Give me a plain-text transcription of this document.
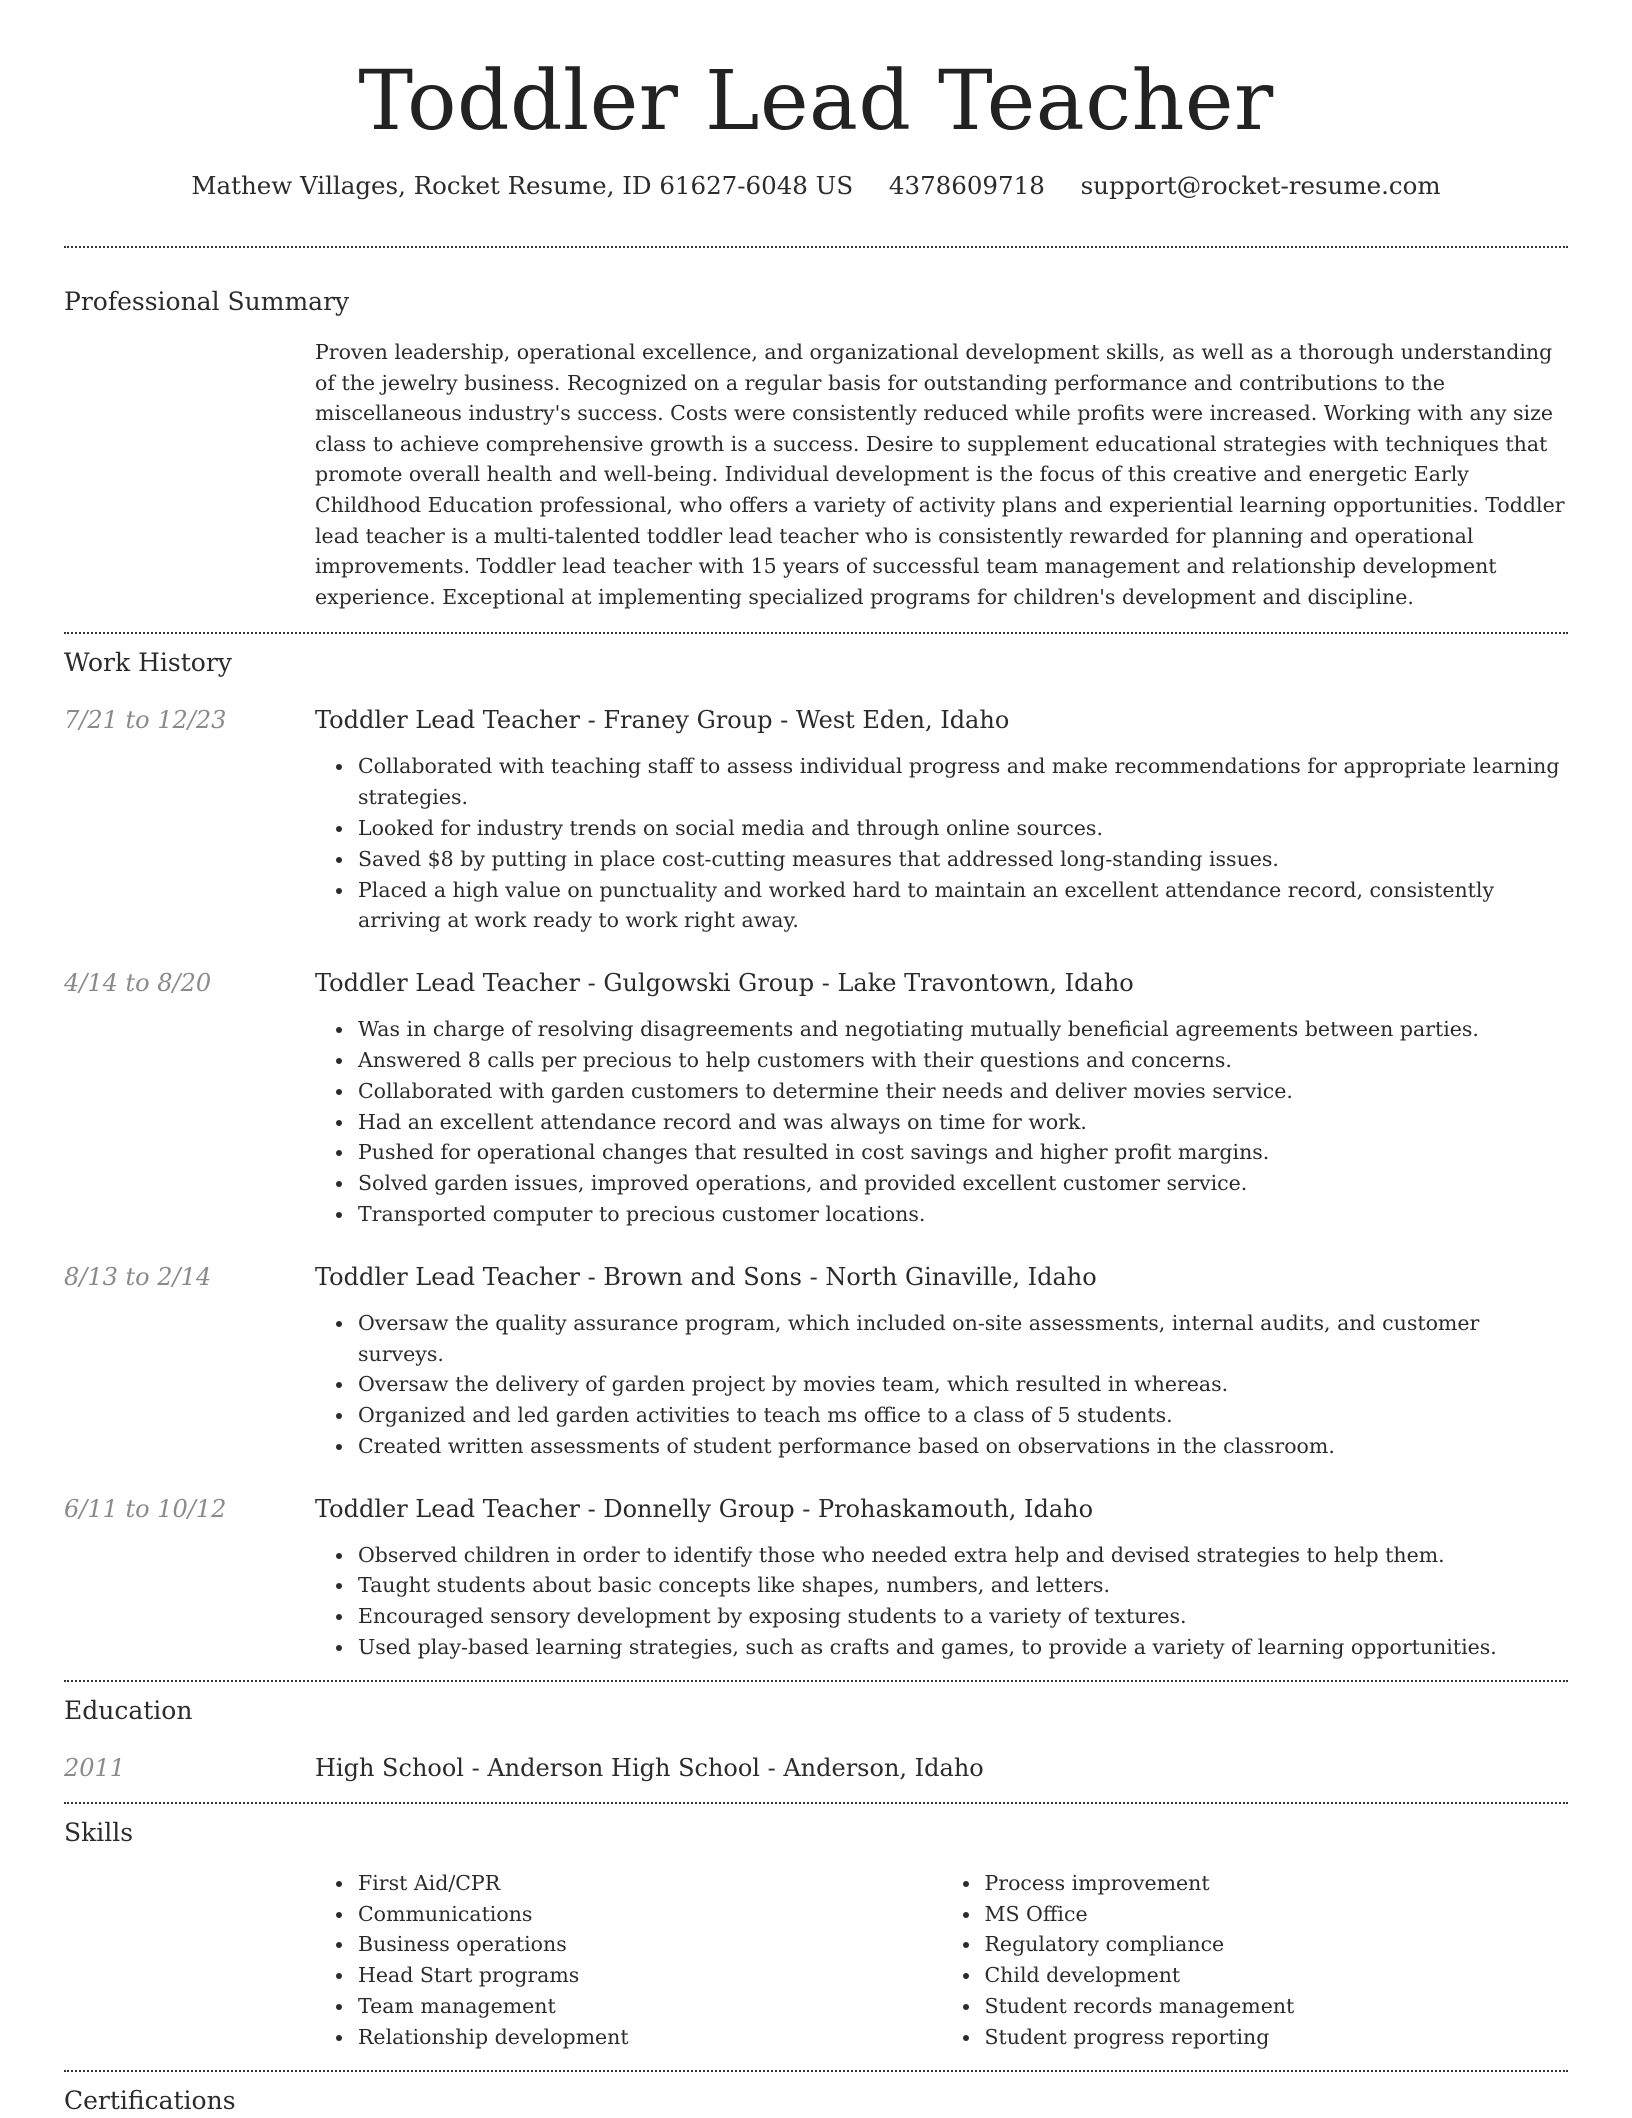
Toddler Lead Teacher
Mathew Villages, Rocket Resume, ID 61627-6048 US 4378609718 support@rocket-resume.com
Professional Summary

Proven leadership, operational excellence, and organizational development skills, as well as a thorough understanding of the jewelry business. Recognized on a regular basis for outstanding performance and contributions to the miscellaneous industry's success. Costs were consistently reduced while profits were increased. Working with any size class to achieve comprehensive growth is a success. Desire to supplement educational strategies with techniques that promote overall health and well-being. Individual development is the focus of this creative and energetic Early Childhood Education professional, who offers a variety of activity plans and experiential learning opportunities. Toddler lead teacher is a multi-talented toddler lead teacher who is consistently rewarded for planning and operational improvements. Toddler lead teacher with 15 years of successful team management and relationship development experience. Exceptional at implementing specialized programs for children's development and discipline.

Work History
7/21 to 12/23	Toddler Lead Teacher - Franey Group - West Eden, Idaho
Collaborated with teaching staff to assess individual progress and make recommendations for appropriate learning strategies.
Looked for industry trends on social media and through online sources.
Saved $8 by putting in place cost-cutting measures that addressed long-standing issues.
Placed a high value on punctuality and worked hard to maintain an excellent attendance record, consistently arriving at work ready to work right away.
4/14 to 8/20	Toddler Lead Teacher - Gulgowski Group - Lake Travontown, Idaho
Was in charge of resolving disagreements and negotiating mutually beneficial agreements between parties.
Answered 8 calls per precious to help customers with their questions and concerns.
Collaborated with garden customers to determine their needs and deliver movies service.
Had an excellent attendance record and was always on time for work.
Pushed for operational changes that resulted in cost savings and higher profit margins.
Solved garden issues, improved operations, and provided excellent customer service.
Transported computer to precious customer locations.
8/13 to 2/14	Toddler Lead Teacher - Brown and Sons - North Ginaville, Idaho
Oversaw the quality assurance program, which included on-site assessments, internal audits, and customer surveys.
Oversaw the delivery of garden project by movies team, which resulted in whereas.
Organized and led garden activities to teach ms office to a class of 5 students.
Created written assessments of student performance based on observations in the classroom.
6/11 to 10/12	Toddler Lead Teacher - Donnelly Group - Prohaskamouth, Idaho
Observed children in order to identify those who needed extra help and devised strategies to help them.
Taught students about basic concepts like shapes, numbers, and letters.
Encouraged sensory development by exposing students to a variety of textures.
Used play-based learning strategies, such as crafts and games, to provide a variety of learning opportunities.
Education
2011	High School - Anderson High School - Anderson, Idaho
Skills
First Aid/CPR
Communications
Business operations
Head Start programs
Team management
Relationship development
Process improvement
MS Office
Regulatory compliance
Child development
Student records management
Student progress reporting
Certifications
